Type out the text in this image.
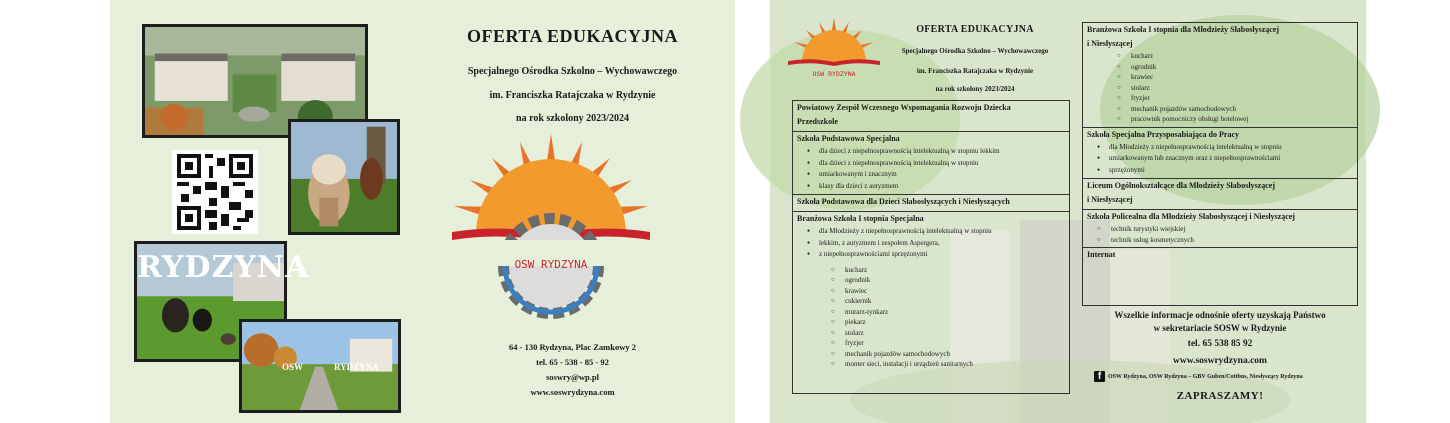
RYDZYNA
OSW	RYDZYNA
OFERTA EDUKACYJNA
Specjalnego Ośrodka Szkolno – Wychowawczego
im. Franciszka Ratajczaka w Rydzynie
na rok szkolony 2023/2024
OSW RYDZYNA
64 - 130 Rydzyna, Plac Zamkowy 2
tel. 65 - 538 - 85 - 92
soswry@wp.pl
www.soswrydzyna.com
OSW RYDZYNA
OFERTA EDUKACYJNA
Specjalnego Ośrodka Szkolno – Wychowawczego
im. Franciszka Ratajczaka w Rydzynie
na rok szkolony 2023/2024
Powiatowy Zespół Wczesnego Wspomagania Rozwoju Dziecka
Przedszkole
Szkoła Podstawowa Specjalna
● dla dzieci z niepełnosprawnością intelektualną w stopniu lekkim
● dla dzieci z niepełnosprawnością intelektualną w stopniu
● umiarkowanym i znacznym
● klasy dla dzieci z autyzmem
Szkoła Podstawowa dla Dzieci Słabosłyszących i Niesłyszących
Branżowa Szkoła I stopnia Specjalna
● dla Młodzieży z niepełnosprawnością intelektualną w stopniu
● lekkim, z autyzmem i zespołem Aspergera,
● z niepełnosprawnościami sprzężonymi
○ kucharz
○ ogrodnik
○ krawiec
○ cukiernik
○ murarz-tynkarz
○ piekarz
○ stolarz
○ fryzjer
○ mechanik pojazdów samochodowych
○ monter sieci, instalacji i urządzeń sanitarnych
Branżowa Szkoła I stopnia dla Młodzieży Słabosłyszącej
i Niesłyszącej
○ kucharz
○ ogrodnik
○ krawiec
○ stolarz
○ fryzjer
○ mechanik pojazdów samochodowych
○ pracownik pomocniczy obsługi hotelowej
Szkoła Specjalna Przysposabiająca do Pracy
● dla Młodzieży z niepełnosprawnością intelektualną w stopniu
● umiarkowanym lub znacznym oraz z niepełnosprawnościami
● sprzężonymi
Liceum Ogólnokształcące dla Młodzieży Słabosłyszącej
i Niesłyszącej
Szkoła Policealna dla Młodzieży Słabosłyszącej i Niesłyszącej
○ technik turystyki wiejskiej
○ technik usług kosmetycznych
Internat
Wszelkie informacje odnośnie oferty uzyskają Państwo
w sekretariacie SOSW w Rydzynie
tel. 65 538 85 92
www.soswrydzyna.com
f	OSW Rydzyna, OSW Rydzyna – GBV Guben/Cottbus, Niesłyszący Rydzyna
ZAPRASZAMY!
